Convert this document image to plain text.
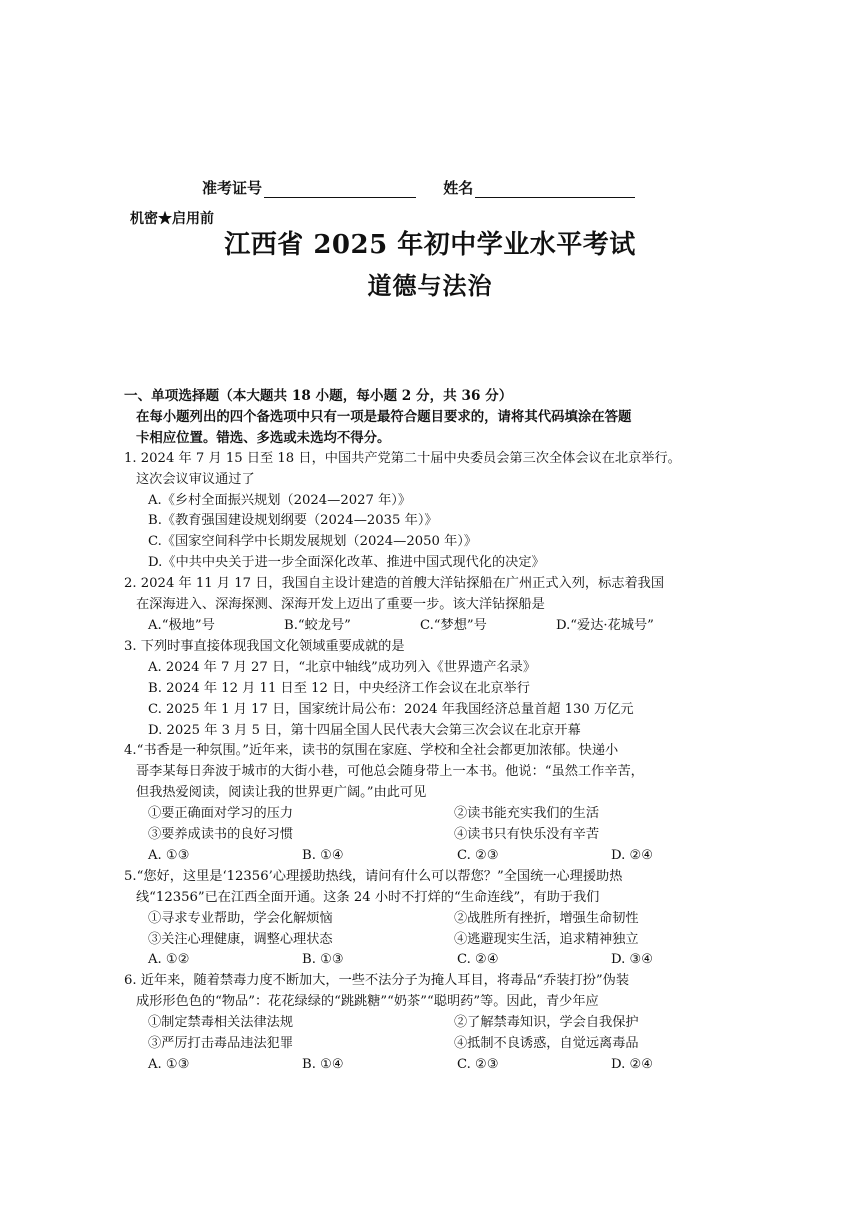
准考证号	姓名
机密★启用前
江西省 2025 年初中学业水平考试
道德与法治
一、单项选择题（本大题共 18 小题，每小题 2 分，共 36 分）
在每小题列出的四个备选项中只有一项是最符合题目要求的，请将其代码填涂在答题
卡相应位置。错选、多选或未选均不得分。
1. 2024 年 7 月 15 日至 18 日，中国共产党第二十届中央委员会第三次全体会议在北京举行。
这次会议审议通过了
A.《乡村全面振兴规划（2024—2027 年）》
B.《教育强国建设规划纲要（2024—2035 年）》
C.《国家空间科学中长期发展规划（2024—2050 年）》
D.《中共中央关于进一步全面深化改革、推进中国式现代化的决定》
2. 2024 年 11 月 17 日，我国自主设计建造的首艘大洋钻探船在广州正式入列，标志着我国
在深海进入、深海探测、深海开发上迈出了重要一步。该大洋钻探船是
A.“极地”号	B.“蛟龙号”	C.“梦想”号	D.“爱达·花城号”
3. 下列时事直接体现我国文化领域重要成就的是
A. 2024 年 7 月 27 日，“北京中轴线”成功列入《世界遗产名录》
B. 2024 年 12 月 11 日至 12 日，中央经济工作会议在北京举行
C. 2025 年 1 月 17 日，国家统计局公布：2024 年我国经济总量首超 130 万亿元
D. 2025 年 3 月 5 日，第十四届全国人民代表大会第三次会议在北京开幕
4.“书香是一种氛围。”近年来，读书的氛围在家庭、学校和全社会都更加浓郁。快递小
哥李某每日奔波于城市的大街小巷，可他总会随身带上一本书。他说：“虽然工作辛苦，
但我热爱阅读，阅读让我的世界更广阔。”由此可见
①要正确面对学习的压力	②读书能充实我们的生活
③要养成读书的良好习惯	④读书只有快乐没有辛苦
A. ①③	B. ①④	C. ②③	D. ②④
5.“您好，这里是‘12356’心理援助热线，请问有什么可以帮您？”全国统一心理援助热
线“12356”已在江西全面开通。这条 24 小时不打烊的“生命连线”，有助于我们
①寻求专业帮助，学会化解烦恼	②战胜所有挫折，增强生命韧性
③关注心理健康，调整心理状态	④逃避现实生活，追求精神独立
A. ①②	B. ①③	C. ②④	D. ③④
6. 近年来，随着禁毒力度不断加大，一些不法分子为掩人耳目，将毒品“乔装打扮”伪装
成形形色色的“物品”：花花绿绿的“跳跳糖”“奶茶”“聪明药”等。因此，青少年应
①制定禁毒相关法律法规	②了解禁毒知识，学会自我保护
③严厉打击毒品违法犯罪	④抵制不良诱惑，自觉远离毒品
A. ①③	B. ①④	C. ②③	D. ②④
